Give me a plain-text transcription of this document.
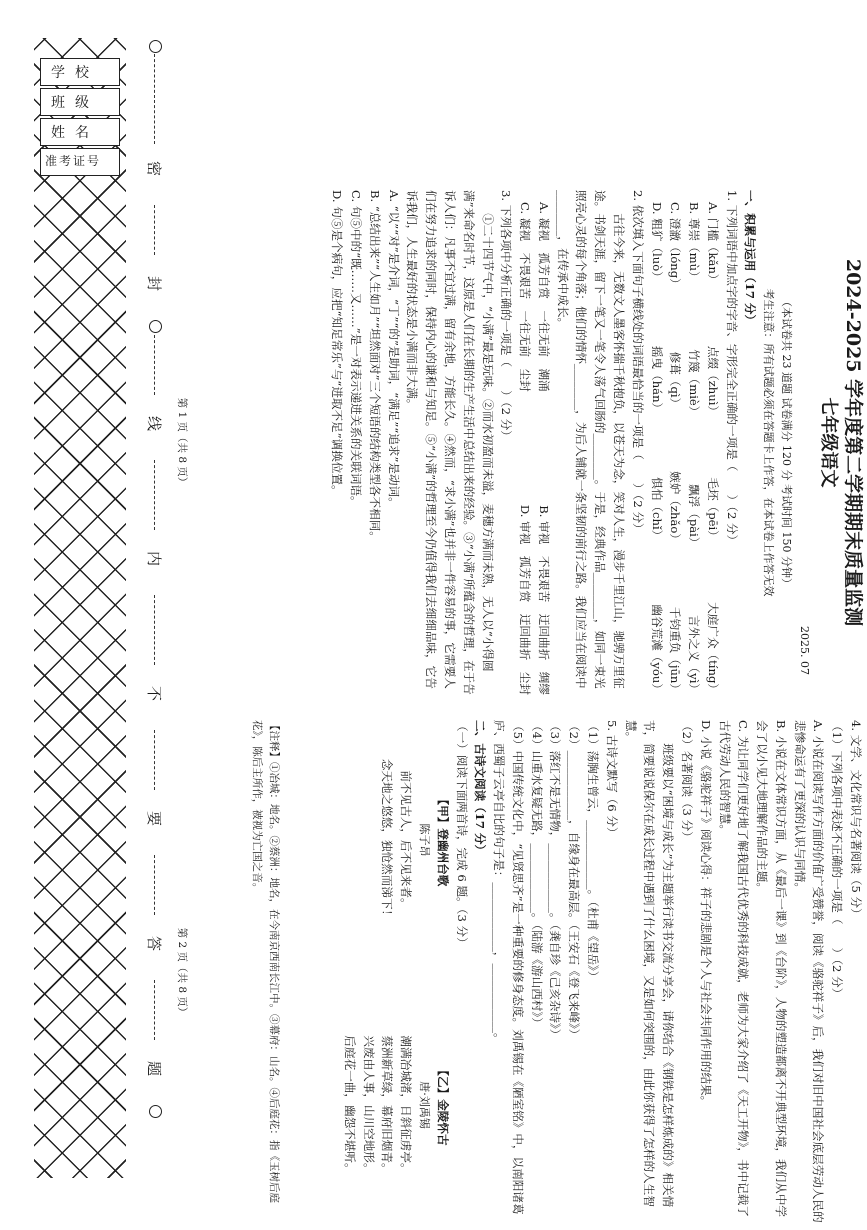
学校
班级
姓名
准考证号	密
封
线
内
不
要
答
题

2024-2025 学年度第二学期期末质量监测

七年级语文

2025. 07

（本试卷共 23 道题 试卷满分 120 分 考试时间 150 分钟）

考生注意：所有试题必须在答题卡上作答，在本试卷上作答无效

一、积累与运用（17 分）

1. 下列词语中加点字的字音、字形完全正确的一项是（　　）（2 分）

A. 门槛（kǎn）
点缀（zhuì）
毛坯（pēi）
大庭广众（tíng）
B. 尊崇（mù）
竹篾（miè）
飘浮（pài）
言外之义（yì）
C. 澄澈（lóng）
修葺（qì）
嫉妒（zhǎo）
千钧重负（jūn）
D. 粗犷（luò）
摇曳（hán）
惧怕（chǐ）
幽谷荒滩（yóu）

2. 依次填入下面句子横线处的词语最恰当的一项是（　　）（2 分）

古往今来，无数文人墨客怀揣千秋抱负，以苍天为念，笑对人生，漫步千里江山，驰骋万里征途。书剑天涯，留下一笔又一笔令人荡气回肠的________。于是，经典作品________，如同一束光照亮心灵的每个角落；他们的情怀________，为后人铺就一条坚韧的前行之路。我们应当在阅读中________，在传承中成长。

A. 凝视　孤芳自赏　一往无前　潮涌
B. 审视　不畏艰苦　迂回曲折　绸缪
C. 凝视　不畏艰苦　一往无前　尘封
D. 审视　孤芳自赏　迂回曲折　尘封

3. 下列各项中分析正确的一项是（　　）（2 分）

①二十四节气中，“小满”最是玩味。②而水初盈而未溢，麦穗方满而未熟，无人以“小得圆满”来命名时节，这原是人们在长期的生产生活中总结出来的经验。③“小满”所蕴含的哲理，在于告诉人们：凡事不宜过满，留有余地，方能长久。④然而，“求小满”也并非一件容易的事，它需要人们在努力追求的同时，保持内心的谦和与知足。⑤“小满”的哲理至今仍值得我们去细细品味，它告诉我们，人生最好的状态是小满而非大满。

A. “以”“对”是介词，“丁”“的”是助词，“满足”“追求”是动词。

B. “总结出来”“人生如月”“坦然面对”三个短语的结构类型各不相同。

C. 句⑤中的“既……又……”是一对表示递进关系的关联词语。

D. 句⑤是个病句，应把“知足常乐”与“进取不足”调换位置。

第 1 页（共 8 页）

4. 文学、文化常识与名著阅读（5 分）

（1）下列各项中表述不正确的一项是（　　）（2 分）

A. 小说在阅读写作方面的价值广受赞誉，阅读《骆驼祥子》后，我们对旧中国社会底层劳动人民的悲惨命运有了更深的认识与同情。

B. 小说在文体常识方面，从《最后一课》到《台阶》，人物的塑造都离不开典型环境，我们从中学会了以小见大地理解作品的主题。

C. 为让同学们更好地了解我国古代优秀的科技成就，老师为大家介绍了《天工开物》，书中记载了古代劳动人民的智慧。

D. 小说《骆驼祥子》阅读心得：祥子的悲剧是个人与社会共同作用的结果。

（2）名著阅读（3 分）

班级要以“困境与成长”为主题举行读书交流分享会，请你结合《钢铁是怎样炼成的》相关情节，简要说说保尔在成长过程中遇到了什么困境，又是如何突围的，由此你获得了怎样的人生智慧。

5. 古诗文默写（6 分）

（1）荡胸生曾云，____________。（杜甫《望岳》）

（2）____________，自缘身在最高层。（王安石《登飞来峰》）

（3）落红不是无情物，____________。（龚自珍《己亥杂诗》）

（4）山重水复疑无路，____________。（陆游《游山西村》）

（5）中国传统文化中，“见贤思齐”是一种重要的修身态度。刘禹锡在《陋室铭》中，以南阳诸葛庐、西蜀子云亭自比的句子是：____________，____________。

二、古诗文阅读（17 分）

（一）阅读下面两首诗，完成 6 题。（3 分）

【甲】登幽州台歌
陈子昂
前不见古人，后不见来者。
念天地之悠悠，独怆然而涕下！
【乙】金陵怀古
唐·刘禹锡
潮满冶城渚，日斜征虏亭。
蔡洲新草绿，幕府旧烟青。
兴废由人事，山川空地形。
后庭花一曲，幽怨不堪听。

【注释】①冶城：地名。②蔡洲：地名，在今南京西南长江中。③幕府：山名。④后庭花：指《玉树后庭花》，陈后主所作，被视为亡国之音。

第 2 页（共 8 页）
